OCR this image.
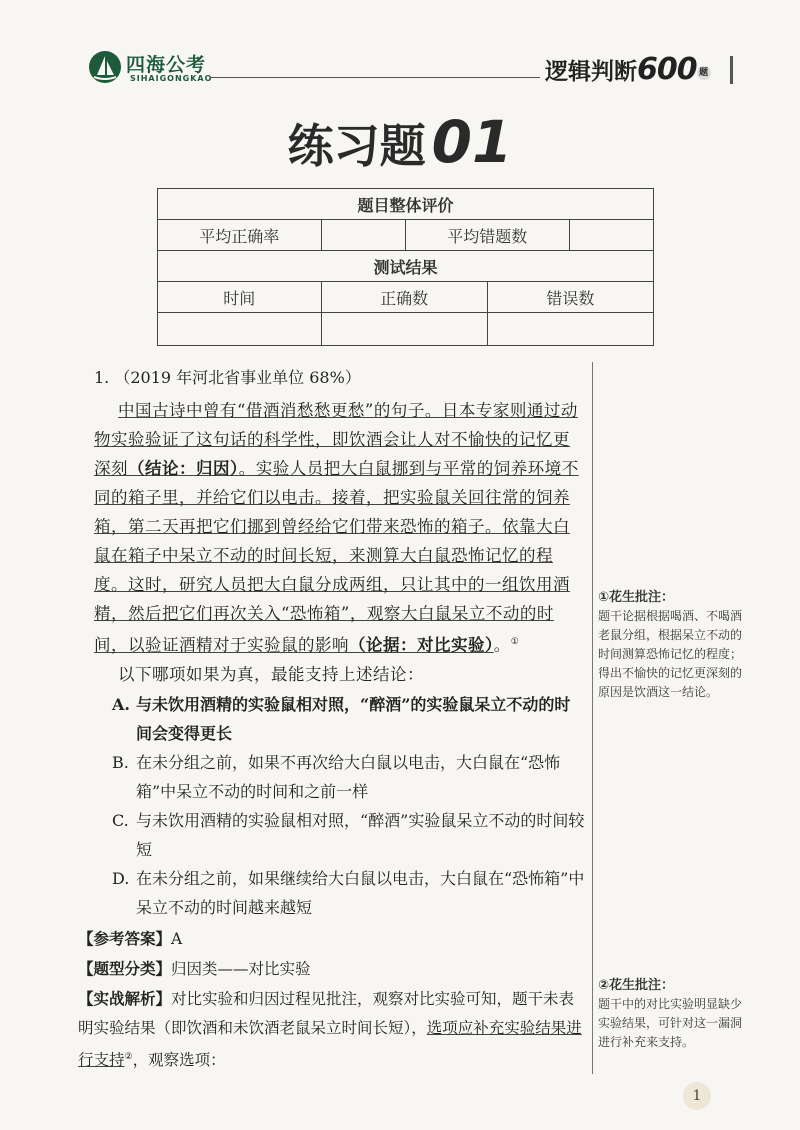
四海公考
SIHAIGONGKAO	逻辑判断600 题
练习题 01
题目整体评价				
平均正确率		平均错题数		
测试结果				
时间	正确数		错误数	

1. （2019 年河北省事业单位 68%）
中国古诗中曾有“借酒消愁愁更愁”的句子。日本专家则通过动物实验验证了这句话的科学性，即饮酒会让人对不愉快的记忆更深刻（结论：归因）。实验人员把大白鼠挪到与平常的饲养环境不同的箱子里，并给它们以电击。接着，把实验鼠关回往常的饲养箱，第二天再把它们挪到曾经给它们带来恐怖的箱子。依靠大白鼠在箱子中呆立不动的时间长短，来测算大白鼠恐怖记忆的程度。这时，研究人员把大白鼠分成两组，只让其中的一组饮用酒精，然后把它们再次关入“恐怖箱”，观察大白鼠呆立不动的时间，以验证酒精对于实验鼠的影响（论据：对比实验）。①
以下哪项如果为真，最能支持上述结论：
A. 与未饮用酒精的实验鼠相对照，“醉酒”的实验鼠呆立不动的时间会变得更长
B. 在未分组之前，如果不再次给大白鼠以电击，大白鼠在“恐怖箱”中呆立不动的时间和之前一样
C. 与未饮用酒精的实验鼠相对照，“醉酒”实验鼠呆立不动的时间较短
D. 在未分组之前，如果继续给大白鼠以电击，大白鼠在“恐怖箱”中呆立不动的时间越来越短
【参考答案】A
【题型分类】归因类——对比实验
【实战解析】对比实验和归因过程见批注，观察对比实验可知，题干未表明实验结果（即饮酒和未饮酒老鼠呆立时间长短），选项应补充实验结果进行支持②，观察选项：
①花生批注：
题干论据根据喝酒、不喝酒老鼠分组，根据呆立不动的时间测算恐怖记忆的程度；得出不愉快的记忆更深刻的原因是饮酒这一结论。
②花生批注：
题干中的对比实验明显缺少实验结果，可针对这一漏洞进行补充来支持。
1
